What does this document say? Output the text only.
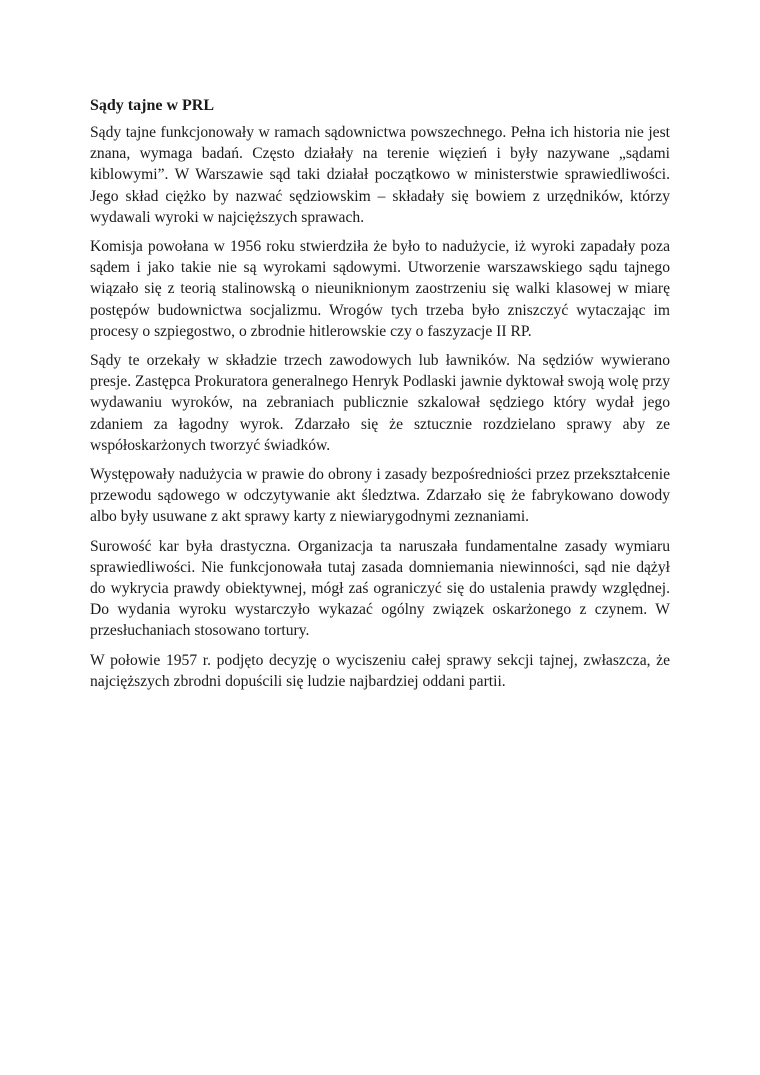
Sądy tajne w PRL

Sądy tajne funkcjonowały w ramach sądownictwa powszechnego. Pełna ich historia nie jest znana, wymaga badań. Często działały na terenie więzień i były nazywane „sądami kiblowymi”. W Warszawie sąd taki działał początkowo w ministerstwie sprawiedliwości. Jego skład ciężko by nazwać sędziowskim – składały się bowiem z urzędników, którzy wydawali wyroki w najcięższych sprawach.

Komisja powołana w 1956 roku stwierdziła że było to nadużycie, iż wyroki zapadały poza sądem i jako takie nie są wyrokami sądowymi. Utworzenie warszawskiego sądu tajnego wiązało się z teorią stalinowską o nieuniknionym zaostrzeniu się walki klasowej w miarę postępów budownictwa socjalizmu. Wrogów tych trzeba było zniszczyć wytaczając im procesy o szpiegostwo, o zbrodnie hitlerowskie czy o faszyzacje II RP.

Sądy te orzekały w składzie trzech zawodowych lub ławników. Na sędziów wywierano presje. Zastępca Prokuratora generalnego Henryk Podlaski jawnie dyktował swoją wolę przy wydawaniu wyroków, na zebraniach publicznie szkalował sędziego który wydał jego zdaniem za łagodny wyrok. Zdarzało się że sztucznie rozdzielano sprawy aby ze współoskarżonych tworzyć świadków.

Występowały nadużycia w prawie do obrony i zasady bezpośredniości przez przekształcenie przewodu sądowego w odczytywanie akt śledztwa. Zdarzało się że fabrykowano dowody albo były usuwane z akt sprawy karty z niewiarygodnymi zeznaniami.

Surowość kar była drastyczna. Organizacja ta naruszała fundamentalne zasady wymiaru sprawiedliwości. Nie funkcjonowała tutaj zasada domniemania niewinności, sąd nie dążył do wykrycia prawdy obiektywnej, mógł zaś ograniczyć się do ustalenia prawdy względnej. Do wydania wyroku wystarczyło wykazać ogólny związek oskarżonego z czynem. W przesłuchaniach stosowano tortury.

W połowie 1957 r. podjęto decyzję o wyciszeniu całej sprawy sekcji tajnej, zwłaszcza, że najcięższych zbrodni dopuścili się ludzie najbardziej oddani partii.
